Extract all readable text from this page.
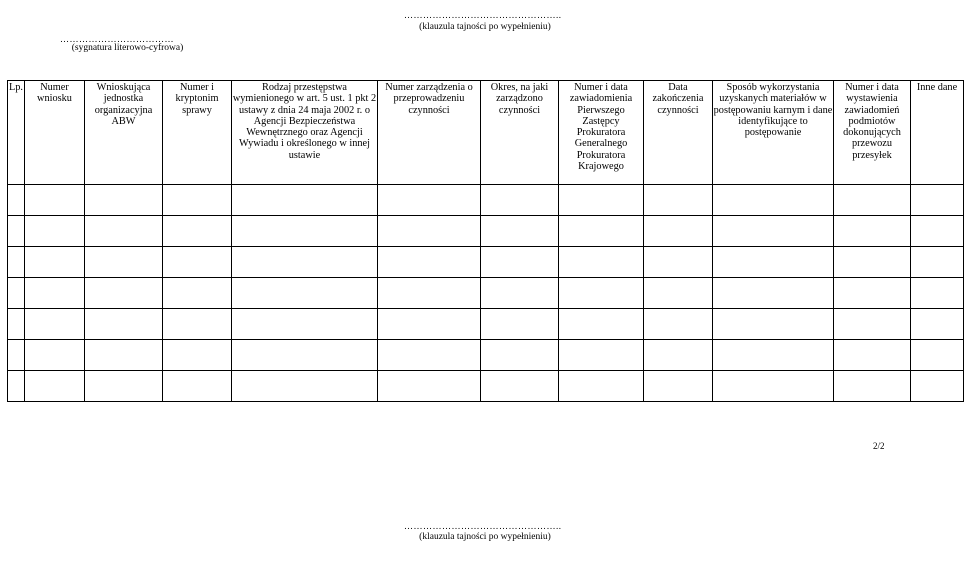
…………………………………………..
(klauzula tajności po wypełnieniu)
………………………………
(sygnatura literowo-cyfrowa)
Lp.	Numer wniosku	Wnioskująca jednostka organizacyjna ABW	Numer i kryptonim sprawy	Rodzaj przestępstwa wymienionego w art. 5 ust. 1 pkt 2 ustawy z dnia 24 maja 2002 r. o Agencji Bezpieczeństwa Wewnętrznego oraz Agencji Wywiadu i określonego w innej ustawie	Numer zarządzenia o przeprowadzeniu czynności	Okres, na jaki zarządzono czynności	Numer i data zawiadomienia Pierwszego Zastępcy Prokuratora Generalnego Prokuratora Krajowego	Data zakończenia czynności	Sposób wykorzystania uzyskanych materiałów w postępowaniu karnym i dane identyfikujące to postępowanie	Numer i data wystawienia zawiadomień podmiotów dokonujących przewozu przesyłek	Inne dane

2/2
…………………………………………..
(klauzula tajności po wypełnieniu)
